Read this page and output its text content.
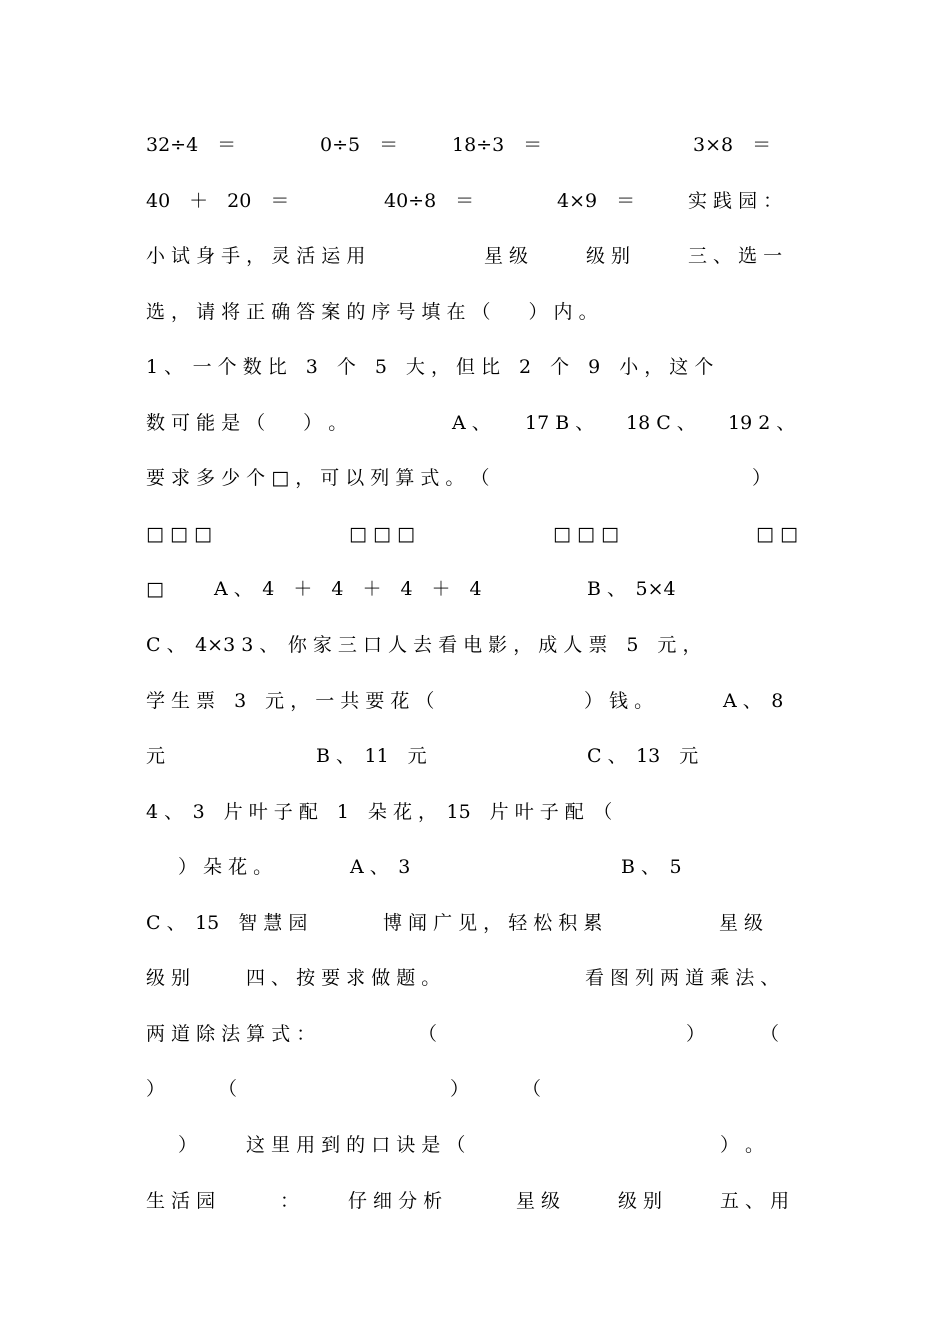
32÷4　＝	0÷5　＝	18÷3　＝	3×8　＝
40　＋　20　＝	40÷8　＝	4×9　＝	实 践 园 ：
小 试 身 手 ， 灵 活 运 用	星 级	级 别	三 、 选 一
选 ， 请 将 正 确 答 案 的 序 号 填 在 （　　） 内 。
1 、　一 个 数 比　3　个　5　大 ， 但 比　2　个　9　小 ， 这 个
数 可 能 是 （　　） 。	A 、 17 B 、 18 C 、 19 2 、
要 求 多 少 个 □ ， 可 以 列 算 式 。 （	）
□ □ □	□ □ □	□ □ □	□ □
□	A 、　4　＋　4　＋　4　＋　4	B 、　5×4
C 、　4×3 3 、　你 家 三 口 人 去 看 电 影 ， 成 人 票　5　元 ，
学 生 票　3　元 ， 一 共 要 花 （	） 钱 。	A 、　8
元	B 、　11　元	C 、　13　元
4 、　3　片 叶 子 配　1　朵 花 ，　15　片 叶 子 配　（
） 朵 花 。	A 、　3	B 、　5
C 、　15　智 慧 园	博 闻 广 见 ， 轻 松 积 累	星 级
级 别	四 、 按 要 求 做 题 。	看 图 列 两 道 乘 法 、
两 道 除 法 算 式 ：	（	）	（
）	（	）	（
）	这 里 用 到 的 口 诀 是 （	） 。
生 活 园	：	仔 细 分 析	星 级	级 别	五 、 用
